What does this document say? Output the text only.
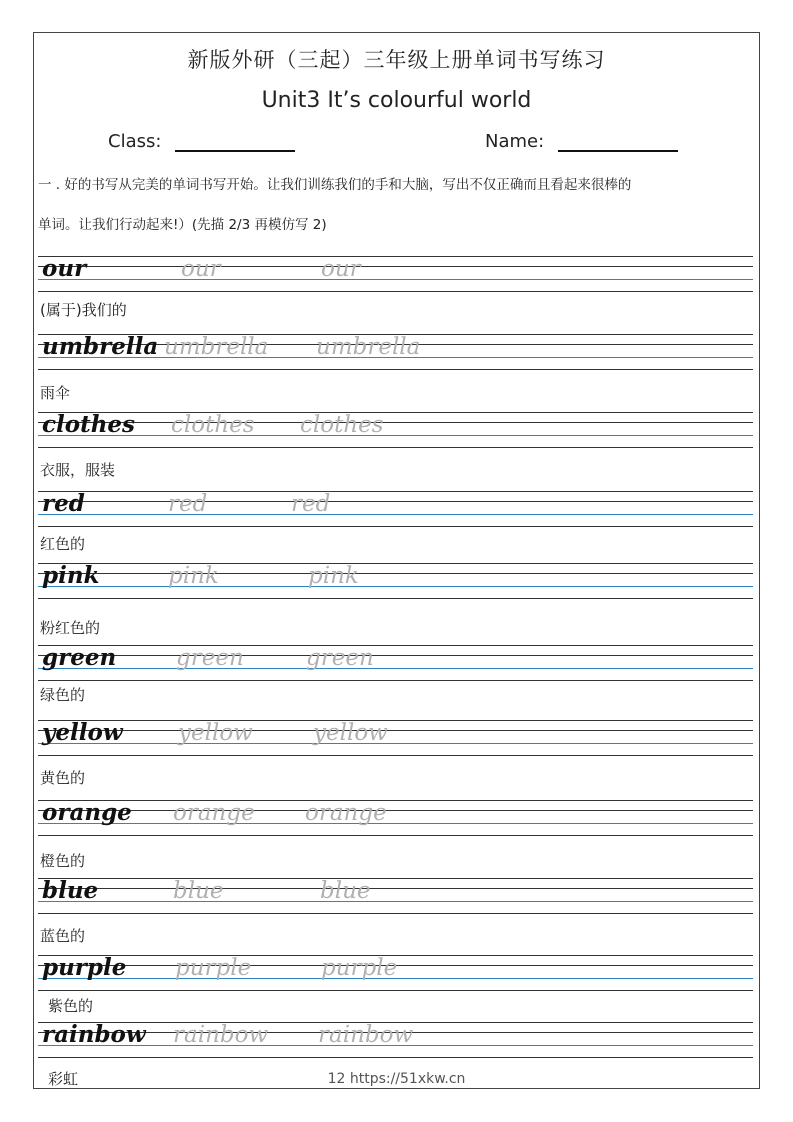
新版外研（三起）三年级上册单词书写练习
Unit3 It’s colourful world
Class:	Name:
一 . 好的书写从完美的单词书写开始。让我们训练我们的手和大脑，写出不仅正确而且看起来很棒的
单词。让我们行动起来!）(先描 2/3 再模仿写 2)
our	our	our
(属于)我们的
umbrella umbrella umbrella
雨伞
clothes clothes clothes
衣服，服装
red	red	red
红色的
pink	pink	pink
粉红色的
green	green	green
绿色的
yellow yellow	yellow
黄色的
orange orange orange
橙色的
blue	blue	blue
蓝色的
purple purple	purple
紫色的
rainbow rainbow rainbow
彩虹	12 https://51xkw.cn
